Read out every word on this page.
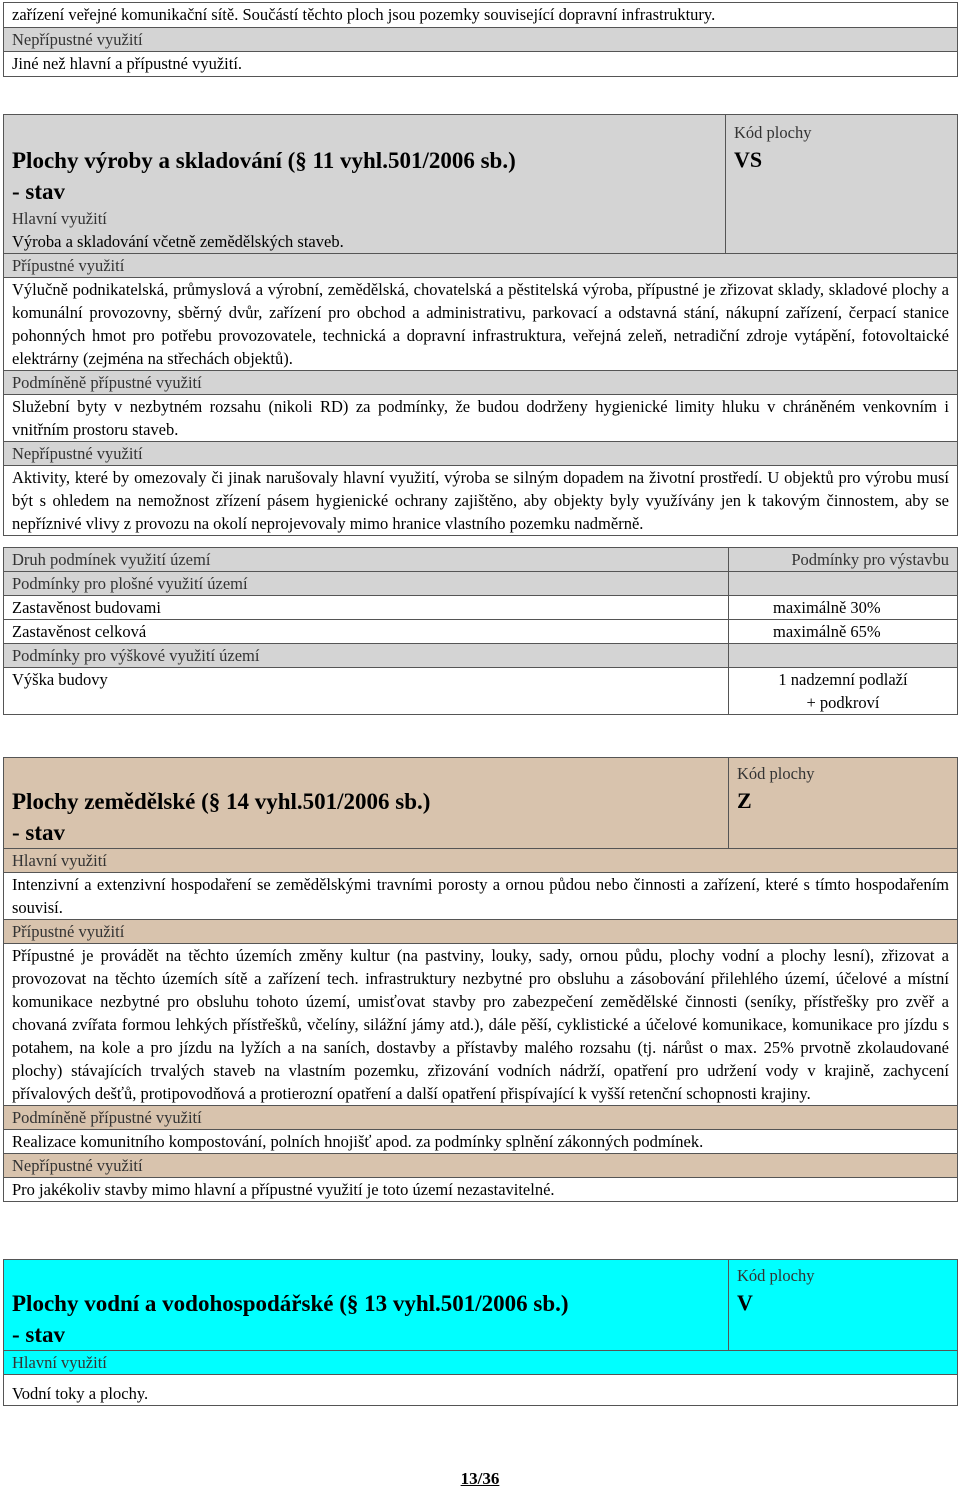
zařízení veřejné komunikační sítě. Součástí těchto ploch jsou pozemky související dopravní infrastruktury.
Nepřípustné využití
Jiné než hlavní a přípustné využití.
Plochy výroby a skladování (§ 11 vyhl.501/2006 sb.)
- stav

Kód plochy
VS

Hlavní využití
Výroba a skladování včetně zemědělských staveb.
Přípustné využití
Výlučně podnikatelská, průmyslová a výrobní, zemědělská, chovatelská a pěstitelská výroba, přípustné je zřizovat sklady, skladové plochy a komunální provozovny, sběrný dvůr, zařízení pro obchod a administrativu, parkovací a odstavná stání, nákupní zařízení, čerpací stanice pohonných hmot pro potřebu provozovatele, technická a dopravní infrastruktura, veřejná zeleň, netradiční zdroje vytápění, fotovoltaické elektrárny (zejména na střechách objektů).
Podmíněně přípustné využití
Služební byty v nezbytném rozsahu (nikoli RD) za podmínky, že budou dodrženy hygienické limity hluku v chráněném venkovním i vnitřním prostoru staveb.
Nepřípustné využití
Aktivity, které by omezovaly či jinak narušovaly hlavní využití, výroba se silným dopadem na životní prostředí. U objektů pro výrobu musí být s ohledem na nemožnost zřízení pásem hygienické ochrany zajištěno, aby objekty byly využívány jen k takovým činnostem, aby se nepříznivé vlivy z provozu na okolí neprojevovaly mimo hranice vlastního pozemku nadměrně.
Druh podmínek využití území	Podmínky pro výstavbu
Podmínky pro plošné využití území	
Zastavěnost budovami	maximálně 30%
Zastavěnost celková	maximálně 65%
Podmínky pro výškové využití území	
Výška budovy	1 nadzemní podlaží
+ podkroví
Plochy zemědělské (§ 14 vyhl.501/2006 sb.)
- stav

Kód plochy
Z

Hlavní využití
Intenzivní a extenzivní hospodaření se zemědělskými travními porosty a ornou půdou nebo činnosti a zařízení, které s tímto hospodařením souvisí.
Přípustné využití
Přípustné je provádět na těchto územích změny kultur (na pastviny, louky, sady, ornou půdu, plochy vodní a plochy lesní), zřizovat a provozovat na těchto územích sítě a zařízení tech. infrastruktury nezbytné pro obsluhu a zásobování přilehlého území, účelové a místní komunikace nezbytné pro obsluhu tohoto území, umisťovat stavby pro zabezpečení zemědělské činnosti (seníky, přístřešky pro zvěř a chovaná zvířata formou lehkých přístřešků, včelíny, silážní jámy atd.), dále pěší, cyklistické a účelové komunikace, komunikace pro jízdu s potahem, na kole a pro jízdu na lyžích a na saních, dostavby a přístavby malého rozsahu (tj. nárůst o max. 25% prvotně zkolaudované plochy) stávajících trvalých staveb na vlastním pozemku, zřizování vodních nádrží, opatření pro udržení vody v krajině, zachycení přívalových dešťů, protipovodňová a protierozní opatření a další opatření přispívající k vyšší retenční schopnosti krajiny.
Podmíněně přípustné využití
Realizace komunitního kompostování, polních hnojišť apod. za podmínky splnění zákonných podmínek.
Nepřípustné využití
Pro jakékoliv stavby mimo hlavní a přípustné využití je toto území nezastavitelné.
Plochy vodní a vodohospodářské (§ 13 vyhl.501/2006 sb.)
- stav

Kód plochy
V

Hlavní využití
Vodní toky a plochy.
13/36
